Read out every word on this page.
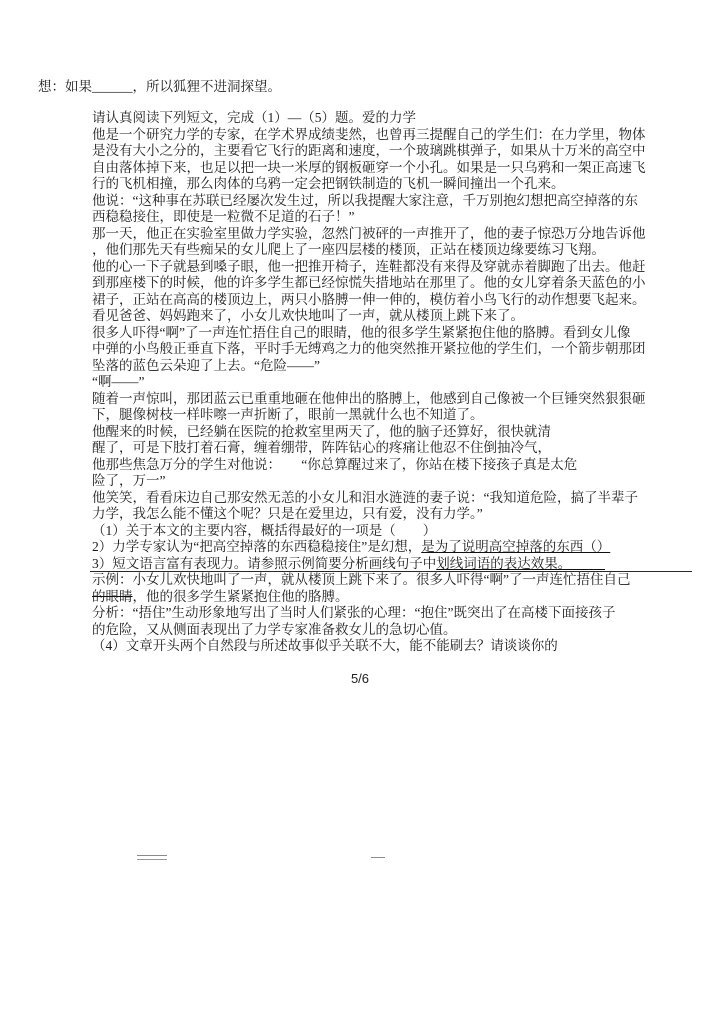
想：如果______，所以狐狸不进洞探望。
请认真阅读下列短文，完成（1）—（5）题。爱的力学
他是一个研究力学的专家，在学术界成绩斐然，也曾再三提醒自己的学生们：在力学里，物体
是没有大小之分的，主要看它飞行的距离和速度，一个玻璃跳棋弹子，如果从十万米的高空中
自由落体掉下来，也足以把一块一米厚的钢板砸穿一个小孔。如果是一只乌鸦和一架正高速飞
行的飞机相撞，那么肉体的乌鸦一定会把钢铁制造的飞机一瞬间撞出一个孔来。
他说：“这种事在苏联已经屡次发生过，所以我提醒大家注意，千万别抱幻想把高空掉落的东
西稳稳接住，即使是一粒微不足道的石子！”
那一天，他正在实验室里做力学实验，忽然门被砰的一声推开了，他的妻子惊恐万分地告诉他
，他们那先天有些痴呆的女儿爬上了一座四层楼的楼顶，正站在楼顶边缘要练习飞翔。
他的心一下子就悬到嗓子眼，他一把推开椅子，连鞋都没有来得及穿就赤着脚跑了出去。他赶
到那座楼下的时候，他的许多学生都已经惊慌失措地站在那里了。他的女儿穿着条天蓝色的小
裙子，正站在高高的楼顶边上，两只小胳膊一伸一伸的，模仿着小鸟飞行的动作想要飞起来。
看见爸爸、妈妈跑来了，小女儿欢快地叫了一声，就从楼顶上跳下来了。
很多人吓得“啊”了一声连忙捂住自己的眼睛，他的很多学生紧紧抱住他的胳膊。看到女儿像
中弹的小鸟般正垂直下落，平时手无缚鸡之力的他突然推开紧拉他的学生们，一个箭步朝那团
坠落的蓝色云朵迎了上去。“危险——”
“啊——”
随着一声惊叫，那团蓝云已重重地砸在他伸出的胳膊上，他感到自己像被一个巨锤突然狠狠砸
下，腿像树枝一样咔嚓一声折断了，眼前一黑就什么也不知道了。
他醒来的时候，已经躺在医院的抢救室里两天了，他的脑子还算好，很快就清
醒了，可是下肢打着石膏，缠着绷带，阵阵钻心的疼痛让他忍不住倒抽冷气，
他那些焦急万分的学生对他说：　　“你总算醒过来了，你站在楼下接孩子真是太危
险了，万一”
他笑笑，看看床边自己那安然无恙的小女儿和泪水涟涟的妻子说：“我知道危险，搞了半辈子
力学，我怎么能不懂这个呢？只是在爱里边，只有爱，没有力学。”
（1）关于本文的主要内容，概括得最好的一项是（　　）
2）力学专家认为“把高空掉落的东西稳稳接住”是幻想，是为了说明高空掉落的东西（）
3）短文语言富有表现力。请参照示例简要分析画线句子中划线词语的表达效果。　　　
示例：小女儿欢快地叫了一声，就从楼顶上跳下来了。很多人吓得“啊”了一声连忙捂住自己
的眼睛，他的很多学生紧紧抱住他的胳膊。
分析：“捂住”生动形象地写出了当时人们紧张的心理：“抱住”既突出了在高楼下面接孩子
的危险，又从侧面表现出了力学专家准备救女儿的急切心值。
（4）文章开头两个自然段与所述故事似乎关联不大，能不能刷去？请谈谈你的
5/6
